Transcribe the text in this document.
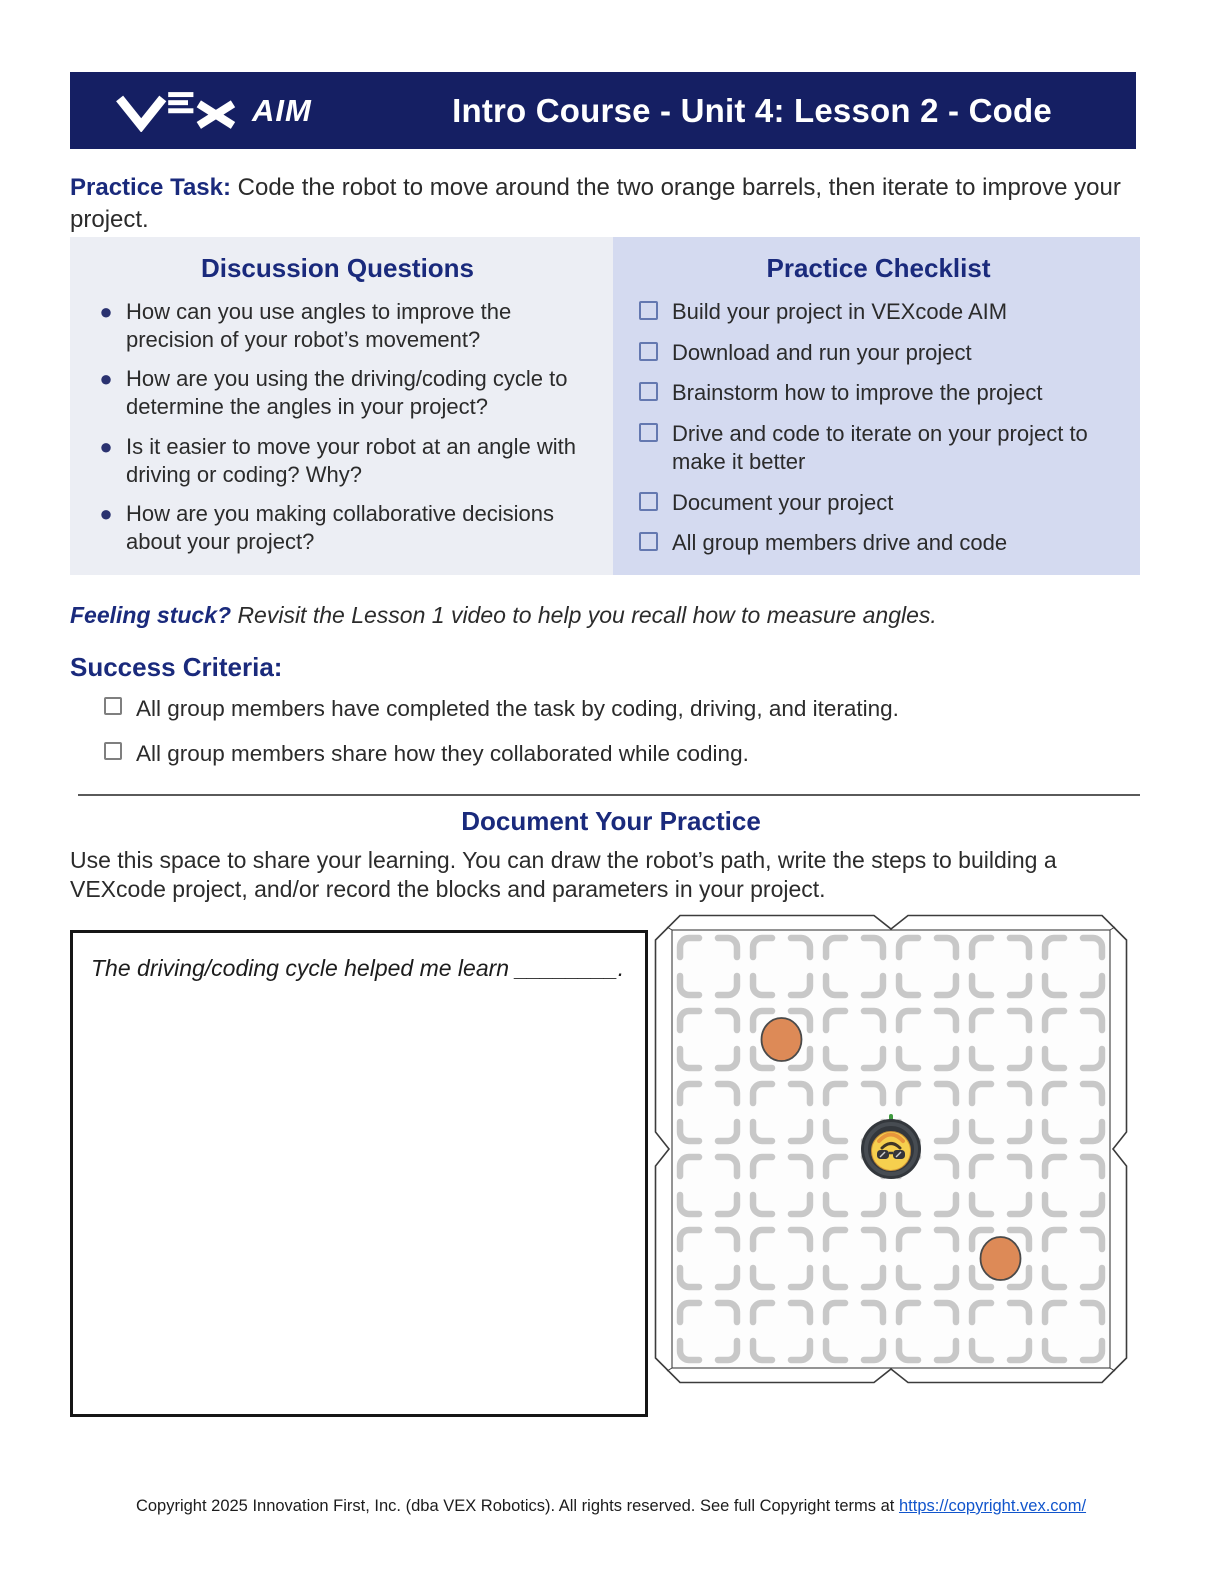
AIM	Intro Course - Unit 4: Lesson 2 - Code

Practice Task: Code the robot to move around the two orange barrels, then iterate to improve your project.

Discussion Questions
● How can you use angles to improve the precision of your robot’s movement?
● How are you using the driving/coding cycle to determine the angles in your project?
● Is it easier to move your robot at an angle with driving or coding? Why?
● How are you making collaborative decisions about your project?
Practice Checklist
Build your project in VEXcode AIM
Download and run your project
Brainstorm how to improve the project
Drive and code to iterate on your project to make it better
Document your project
All group members drive and code

Feeling stuck? Revisit the Lesson 1 video to help you recall how to measure angles.

Success Criteria:
All group members have completed the task by coding, driving, and iterating.
All group members share how they collaborated while coding.
Document Your Practice

Use this space to share your learning. You can draw the robot’s path, write the steps to building a VEXcode project, and/or record the blocks and parameters in your project.

The driving/coding cycle helped me learn ________.
Copyright 2025 Innovation First, Inc. (dba VEX Robotics). All rights reserved. See full Copyright terms at https://copyright.vex.com/
